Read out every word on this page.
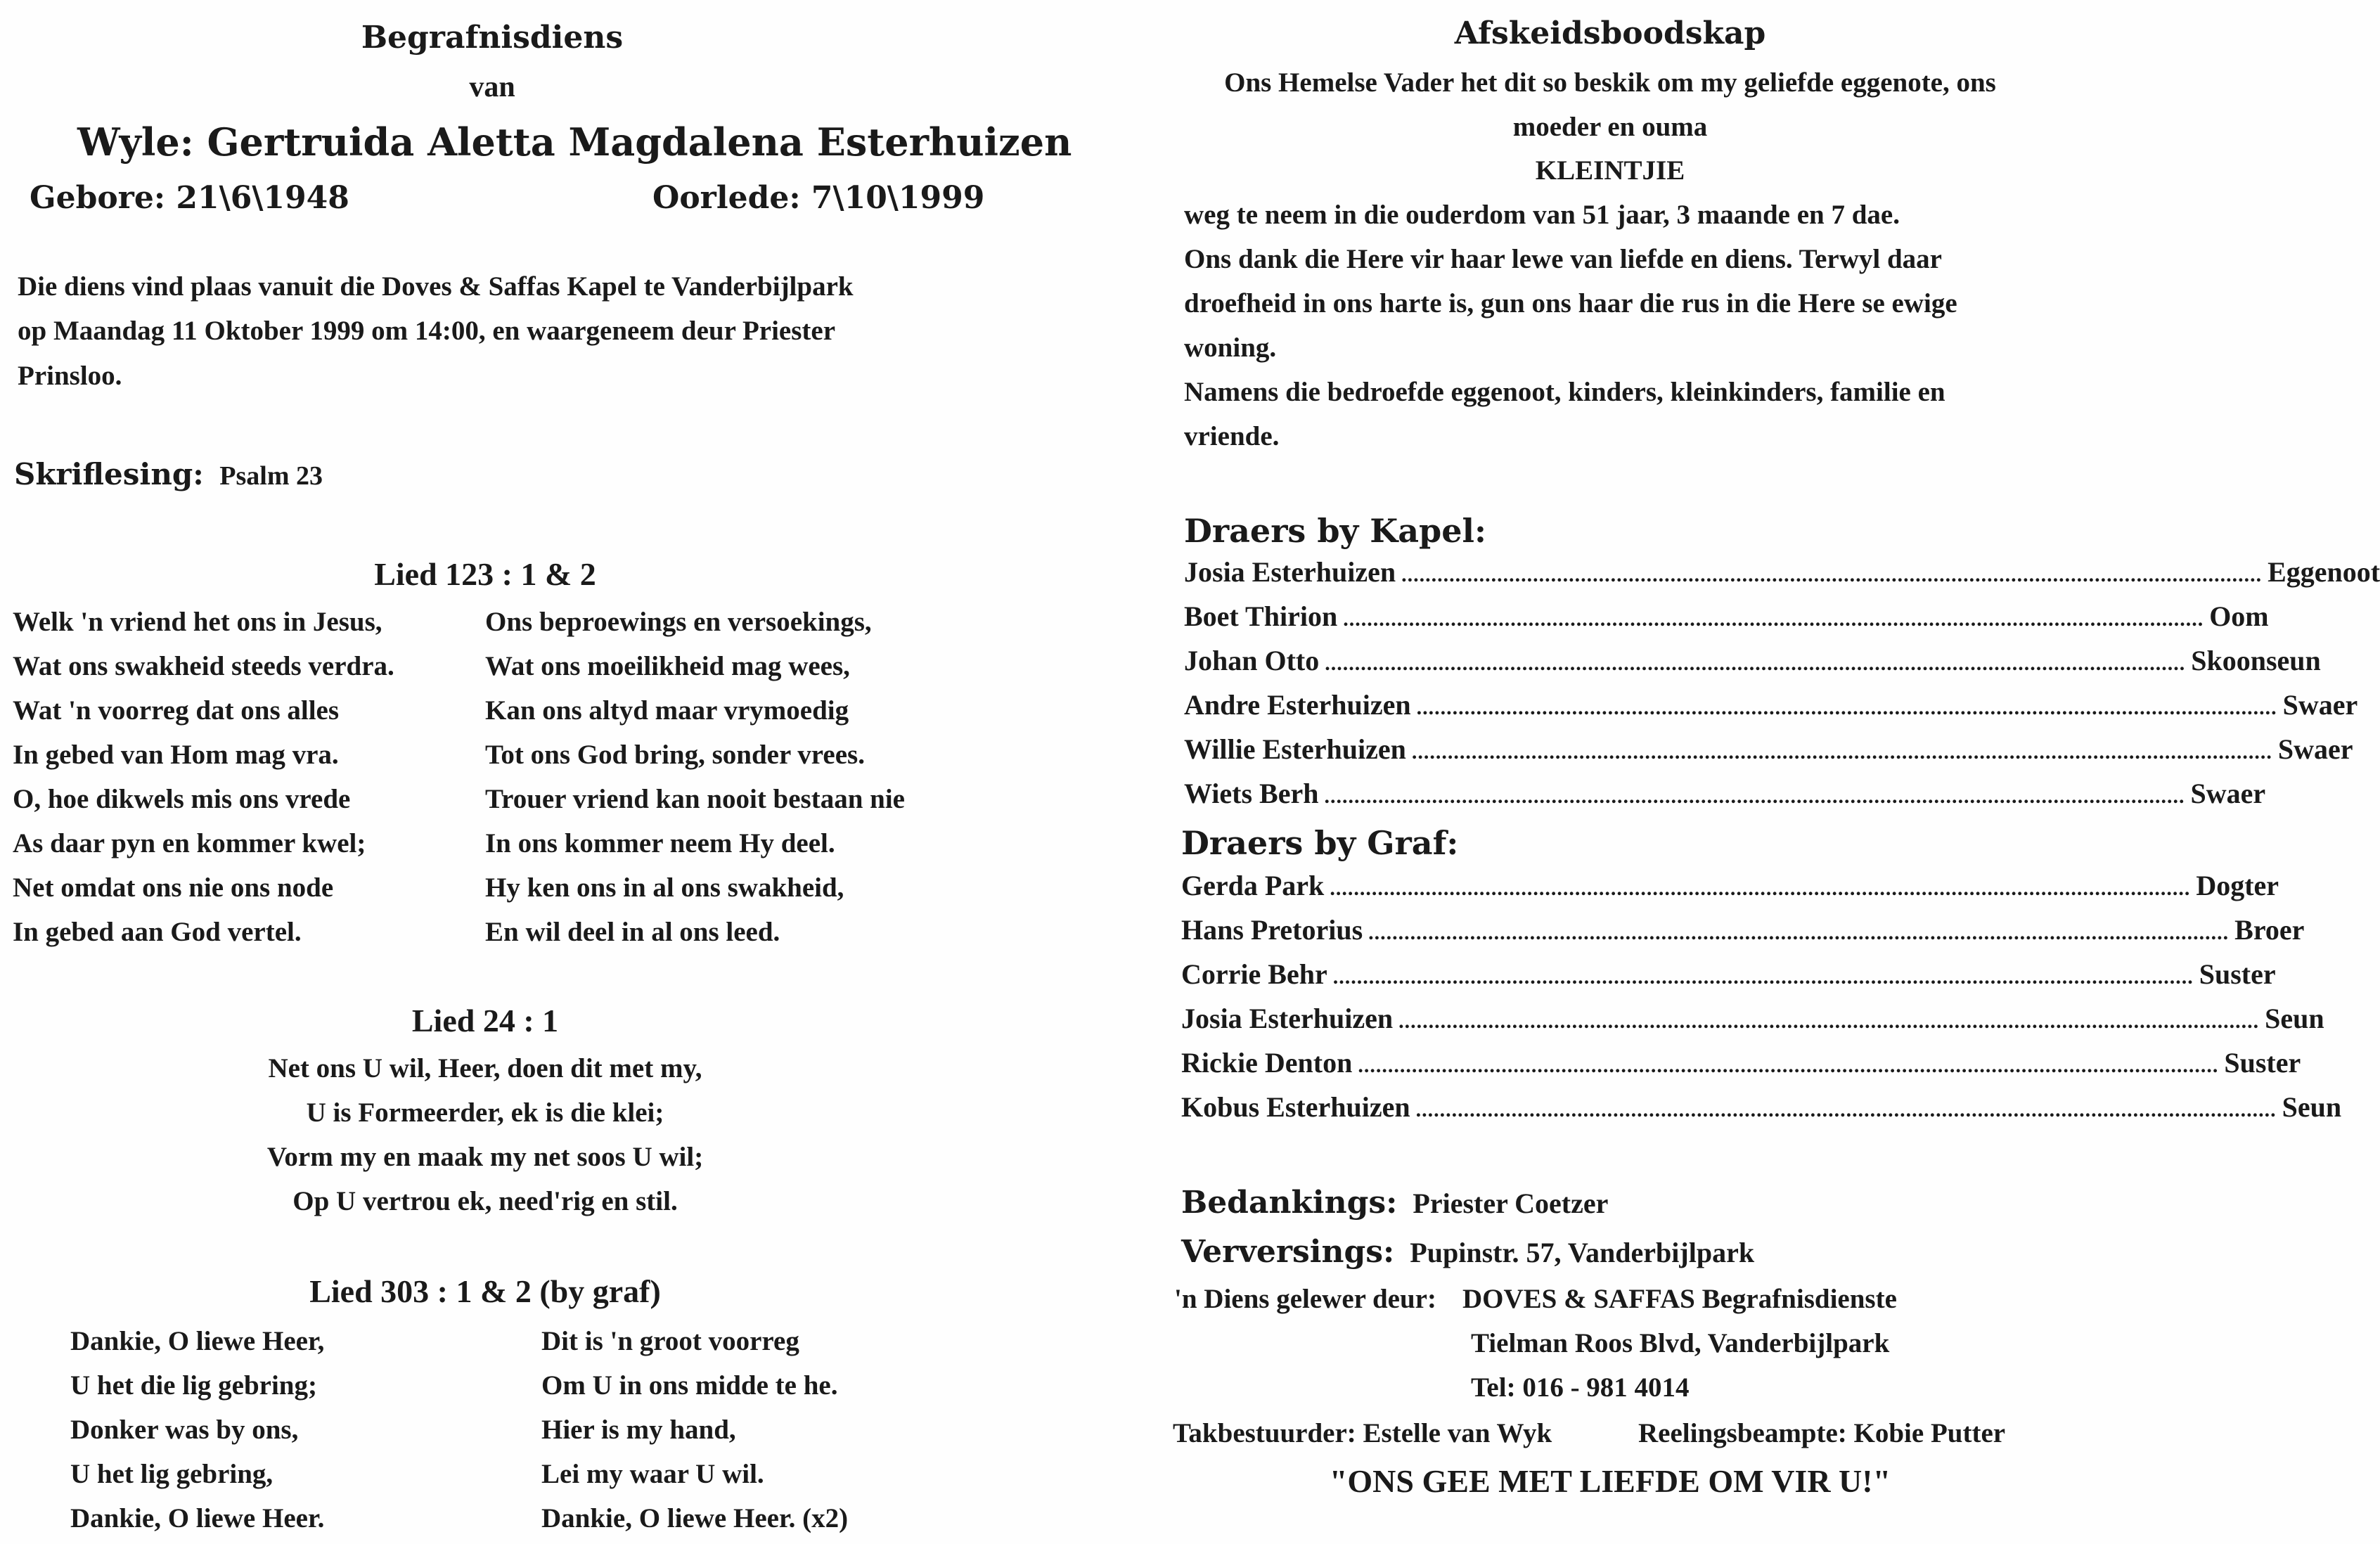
Begrafnisdiens
van
Wyle: Gertruida Aletta Magdalena Esterhuizen
Gebore: 21\6\1948	Oorlede: 7\10\1999
Die diens vind plaas vanuit die Doves & Saffas Kapel te Vanderbijlpark
op Maandag 11 Oktober 1999 om 14:00, en waargeneem deur Priester
Prinsloo.
Skriflesing: Psalm 23
Lied 123 : 1 & 2
Welk 'n vriend het ons in Jesus,
Wat ons swakheid steeds verdra.
Wat 'n voorreg dat ons alles
In gebed van Hom mag vra.
O, hoe dikwels mis ons vrede
As daar pyn en kommer kwel;
Net omdat ons nie ons node
In gebed aan God vertel.
Ons beproewings en versoekings,
Wat ons moeilikheid mag wees,
Kan ons altyd maar vrymoedig
Tot ons God bring, sonder vrees.
Trouer vriend kan nooit bestaan nie
In ons kommer neem Hy deel.
Hy ken ons in al ons swakheid,
En wil deel in al ons leed.
Lied 24 : 1
Net ons U wil, Heer, doen dit met my,
U is Formeerder, ek is die klei;
Vorm my en maak my net soos U wil;
Op U vertrou ek, need'rig en stil.
Lied 303 : 1 & 2 (by graf)
Dankie, O liewe Heer,
U het die lig gebring;
Donker was by ons,
U het lig gebring,
Dankie, O liewe Heer.
Dit is 'n groot voorreg
Om U in ons midde te he.
Hier is my hand,
Lei my waar U wil.
Dankie, O liewe Heer. (x2)
Afskeidsboodskap
Ons Hemelse Vader het dit so beskik om my geliefde eggenote, ons
moeder en ouma
KLEINTJIE
weg te neem in die ouderdom van 51 jaar, 3 maande en 7 dae.
Ons dank die Here vir haar lewe van liefde en diens. Terwyl daar
droefheid in ons harte is, gun ons haar die rus in die Here se ewige
woning.
Namens die bedroefde eggenoot, kinders, kleinkinders, familie en
vriende.
Draers by Kapel:
Josia Esterhuizen ................................................................................................................................................ Eggenoot
Boet Thirion ................................................................................................................................................ Oom
Johan Otto ................................................................................................................................................ Skoonseun
Andre Esterhuizen ................................................................................................................................................ Swaer
Willie Esterhuizen ................................................................................................................................................ Swaer
Wiets Berh ................................................................................................................................................ Swaer
Draers by Graf:
Gerda Park ................................................................................................................................................ Dogter
Hans Pretorius ................................................................................................................................................ Broer
Corrie Behr ................................................................................................................................................ Suster
Josia Esterhuizen ................................................................................................................................................ Seun
Rickie Denton ................................................................................................................................................ Suster
Kobus Esterhuizen ................................................................................................................................................ Seun
Bedankings: Priester Coetzer
Verversings: Pupinstr. 57, Vanderbijlpark
'n Diens gelewer deur: DOVES & SAFFAS Begrafnisdienste
Tielman Roos Blvd, Vanderbijlpark
Tel: 016 - 981 4014
Takbestuurder: Estelle van Wyk	Reelingsbeampte: Kobie Putter
"ONS GEE MET LIEFDE OM VIR U!"
